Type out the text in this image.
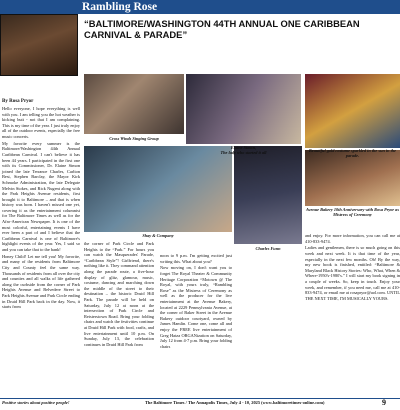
Rambling Rose
“BALTIMORE/WASHINGTON 44TH ANNUAL ONE CARIBBEAN CARNIVAL & PARADE”
Cross Winds Singing Group
Elaine Simon,
The lady who started it all	Beautiful gold costume sparkled in the sun in the parade.
Shay & Company
Charles Funn
Avenue Bakery 10th Anniversary with Rosa Pryor as Mistress of Ceremony
By Rosa Pryor

Hello everyone, I hope everything is well with you. I am telling you the hot weather is kicking butt - not that I am complaining. This is my time of the year. I just truly enjoy all of the outdoor events, especially the free music concerts.

My favorite every summer is the Baltimore/Washington 44th Annual Caribbean Carnival. I can't believe it has been 44 years. I participated in the first one with its Commissioner, Dr. Elaine Simon joined the late Terrance Charles, Carlton Best, Stephen Barclay, the Mayor Kirk Schmoke Administration, the late Delegate Melvin Stokes, and Rick Nugent along with the Park Heights Avenue residents, first brought it to Baltimore – and that is when history was born. I haven't missed one yet, covering it as the entertainment columnist for The Baltimore Times as well as for the Afro-American Newspaper. It is one of the most colorful, entertaining events I have ever been a part of and I believe that the Caribbean Carnival is one of Baltimore's highlight events of the year. Yes, I said so and you can take that to the bank!

Honey Child! Let me tell you! My favorite, and many of the residents from Baltimore City and County feel the same way. Thousands of residents from all over the city and counties and all walks of life gathered along the curbside from the corner of Park Heights Avenue and Belvedere Street to Park Heights Avenue and Park Circle ending in Druid Hill Park back in the day. Now, it starts from

the corner of Park Circle and Park Heights to the “Park.” For hours you can watch the Masquerades' Parade, “Caribbean Style”! Girlfriend, there's nothing like it. They command attention along the parade route, a five-hour display of glitz, glamour, music, costume, dancing and marching down the middle of the street to their destination – the historic Druid Hill Park. The parade will be held on Saturday, July 12 at noon at the intersection of Park Circle and Reisterstown Road. Bring your folding chairs and watch the festivities continue at Druid Hill Park with food, crafts, and live entertainment until 10 p.m. On Sunday, July 13, the celebration continues in Druid Hill Park from

noon to 9 p.m. I'm getting excited just writing this. What about you?

Now moving on, I don't want you to forget The Royal Theater & Community Heritage Corporation “Motown @ The Royal, with yours truly, “Rambling Rose” as the Mistress of Ceremony as well as the producer for the live entertainment at the Avenue Bakery, located at 2229 Pennsylvania Avenue, at the corner of Baker Street in the Avenue Bakery outdoor courtyard, owned by James Hamlin. Come one, come all and enjoy the FREE live entertainment of Greg Hatza ORGANization on Saturday, July 12 from 4-7 p.m. Bring your folding chairs

and enjoy. For more information, you can call me at 410-833-9474.

Ladies and gentlemen, there is so much going on this week and next week. It is that time of the year, especially in the next few months. Oh! By the way, my new book is finished, entitled: “Baltimore & Maryland Black History Stories: Who, What, When & Where-1950's-1980's.” I will start my book signing in a couple of weeks. So, keep in touch. Enjoy your week, and remember, if you need me, call me at 410-833-9474, or email me at rosapryor@aol.com. UNTIL THE NEXT TIME, I'M MUSICALLY YOURS.

Positive stories about positive people!	The Baltimore Times / The Annapolis Times, July 4 - 10, 2025 (www.baltimoretimes-online.com)	9
